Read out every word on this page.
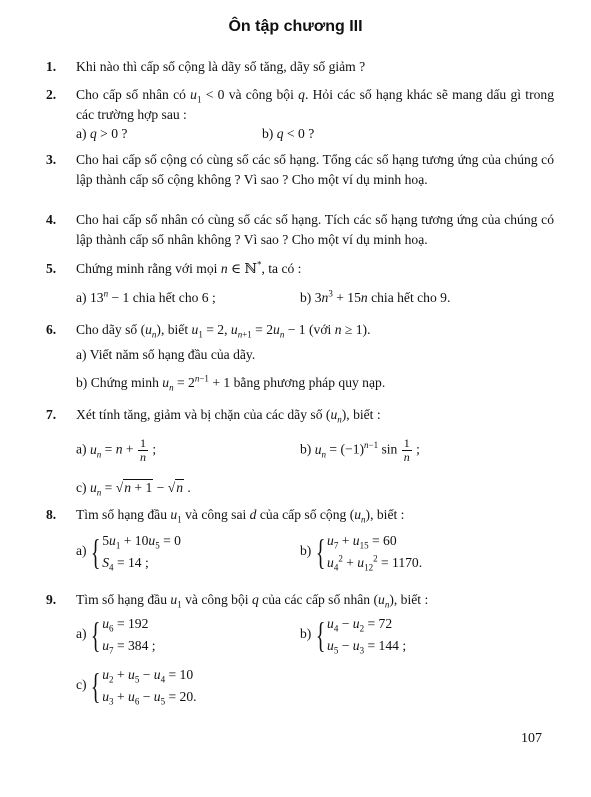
Ôn tập chương III
1. Khi nào thì cấp số cộng là dãy số tăng, dãy số giảm ?
2. Cho cấp số nhân có $u_1 < 0$ và công bội q. Hỏi các số hạng khác sẽ mang dấu gì trong các trường hợp sau :
a) q > 0 ?	b) q < 0 ?
3. Cho hai cấp số cộng có cùng số các số hạng. Tổng các số hạng tương ứng của chúng có lập thành cấp số cộng không ? Vì sao ? Cho một ví dụ minh hoạ.
4. Cho hai cấp số nhân có cùng số các số hạng. Tích các số hạng tương ứng của chúng có lập thành cấp số nhân không ? Vì sao ? Cho một ví dụ minh hoạ.
5. Chứng minh rằng với mọi n ∈ ℕ*, ta có :
a) $13^n - 1$ chia hết cho 6 ;	b) $3n^3 + 15n$ chia hết cho 9.
6. Cho dãy số $(u_n)$, biết $u_1 = 2$, $u_{n+1} = 2u_n - 1$ (với n ≥ 1).
a) Viết năm số hạng đầu của dãy.
b) Chứng minh $u_n = 2^{n-1} + 1$ bằng phương pháp quy nạp.
7. Xét tính tăng, giảm và bị chặn của các dãy số $(u_n)$, biết :
a) $u_n = n + \frac{1}{n}$ ;	b) $u_n = (-1)^{n-1}$ $\sin \frac{1}{n}$ ;
c) $u_n = √n + 1 - √n$ .
8. Tìm số hạng đầu $u_1$ và công sai d của cấp số cộng $(u_n)$, biết :
a) { $5u_1 + 10u_5 = 0$
$S_4 = 14$ ;
b) { $u_7 + u_{15} = 60$
$u_4^2 + u_{12}^2 = 1170$.
9. Tìm số hạng đầu $u_1$ và công bội q của các cấp số nhân $(u_n)$, biết :
a) { $u_6 = 192$
$u_7 = 384$ ;
b) { $u_4 - u_2 = 72$
$u_5 - u_3 = 144$ ;
c) { $u_2 + u_5 - u_4 = 10$
$u_3 + u_6 - u_5 = 20$.
107
